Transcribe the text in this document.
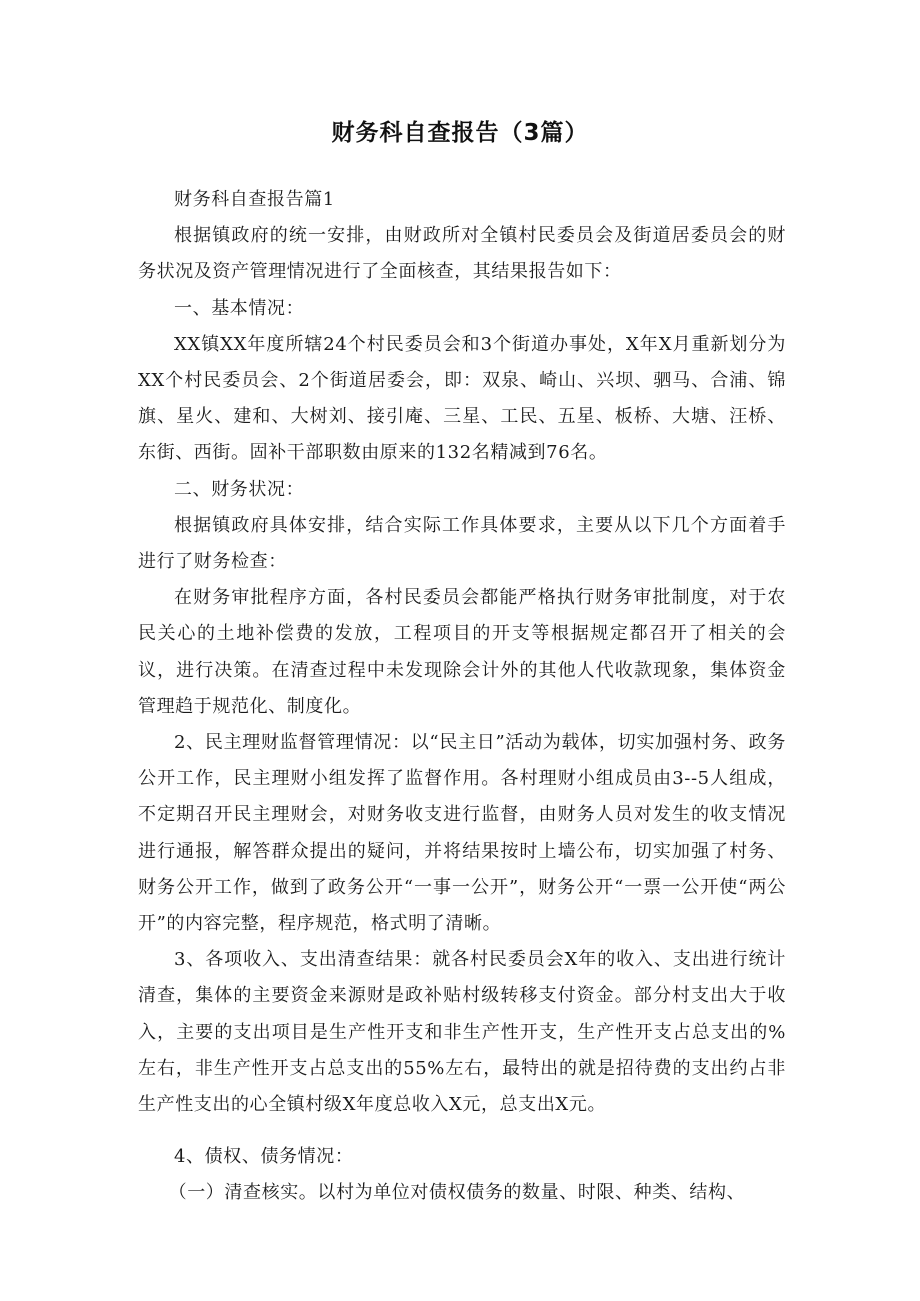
财务科自查报告（3篇）

财务科自查报告篇1

根据镇政府的统一安排，由财政所对全镇村民委员会及街道居委员会的财务状况及资产管理情况进行了全面核查，其结果报告如下：

一、基本情况：

XX镇XX年度所辖24个村民委员会和3个街道办事处，X年X月重新划分为XX个村民委员会、2个街道居委会，即：双泉、崎山、兴坝、驷马、合浦、锦旗、星火、建和、大树刘、接引庵、三星、工民、五星、板桥、大塘、汪桥、东街、西街。固补干部职数由原来的132名精减到76名。

二、财务状况：

根据镇政府具体安排，结合实际工作具体要求，主要从以下几个方面着手进行了财务检查：

在财务审批程序方面，各村民委员会都能严格执行财务审批制度，对于农民关心的土地补偿费的发放，工程项目的开支等根据规定都召开了相关的会议，进行决策。在清查过程中未发现除会计外的其他人代收款现象，集体资金管理趋于规范化、制度化。

2、民主理财监督管理情况：以“民主日”活动为载体，切实加强村务、政务公开工作，民主理财小组发挥了监督作用。各村理财小组成员由3--5人组成，不定期召开民主理财会，对财务收支进行监督，由财务人员对发生的收支情况进行通报，解答群众提出的疑问，并将结果按时上墙公布，切实加强了村务、财务公开工作，做到了政务公开“一事一公开”，财务公开“一票一公开使“两公开”的内容完整，程序规范，格式明了清晰。

3、各项收入、支出清查结果：就各村民委员会X年的收入、支出进行统计清查，集体的主要资金来源财是政补贴村级转移支付资金。部分村支出大于收入，主要的支出项目是生产性开支和非生产性开支，生产性开支占总支出的%左右，非生产性开支占总支出的55%左右，最特出的就是招待费的支出约占非生产性支出的心全镇村级X年度总收入X元，总支出X元。

4、债权、债务情况：

（一）清查核实。以村为单位对债权债务的数量、时限、种类、结构、
